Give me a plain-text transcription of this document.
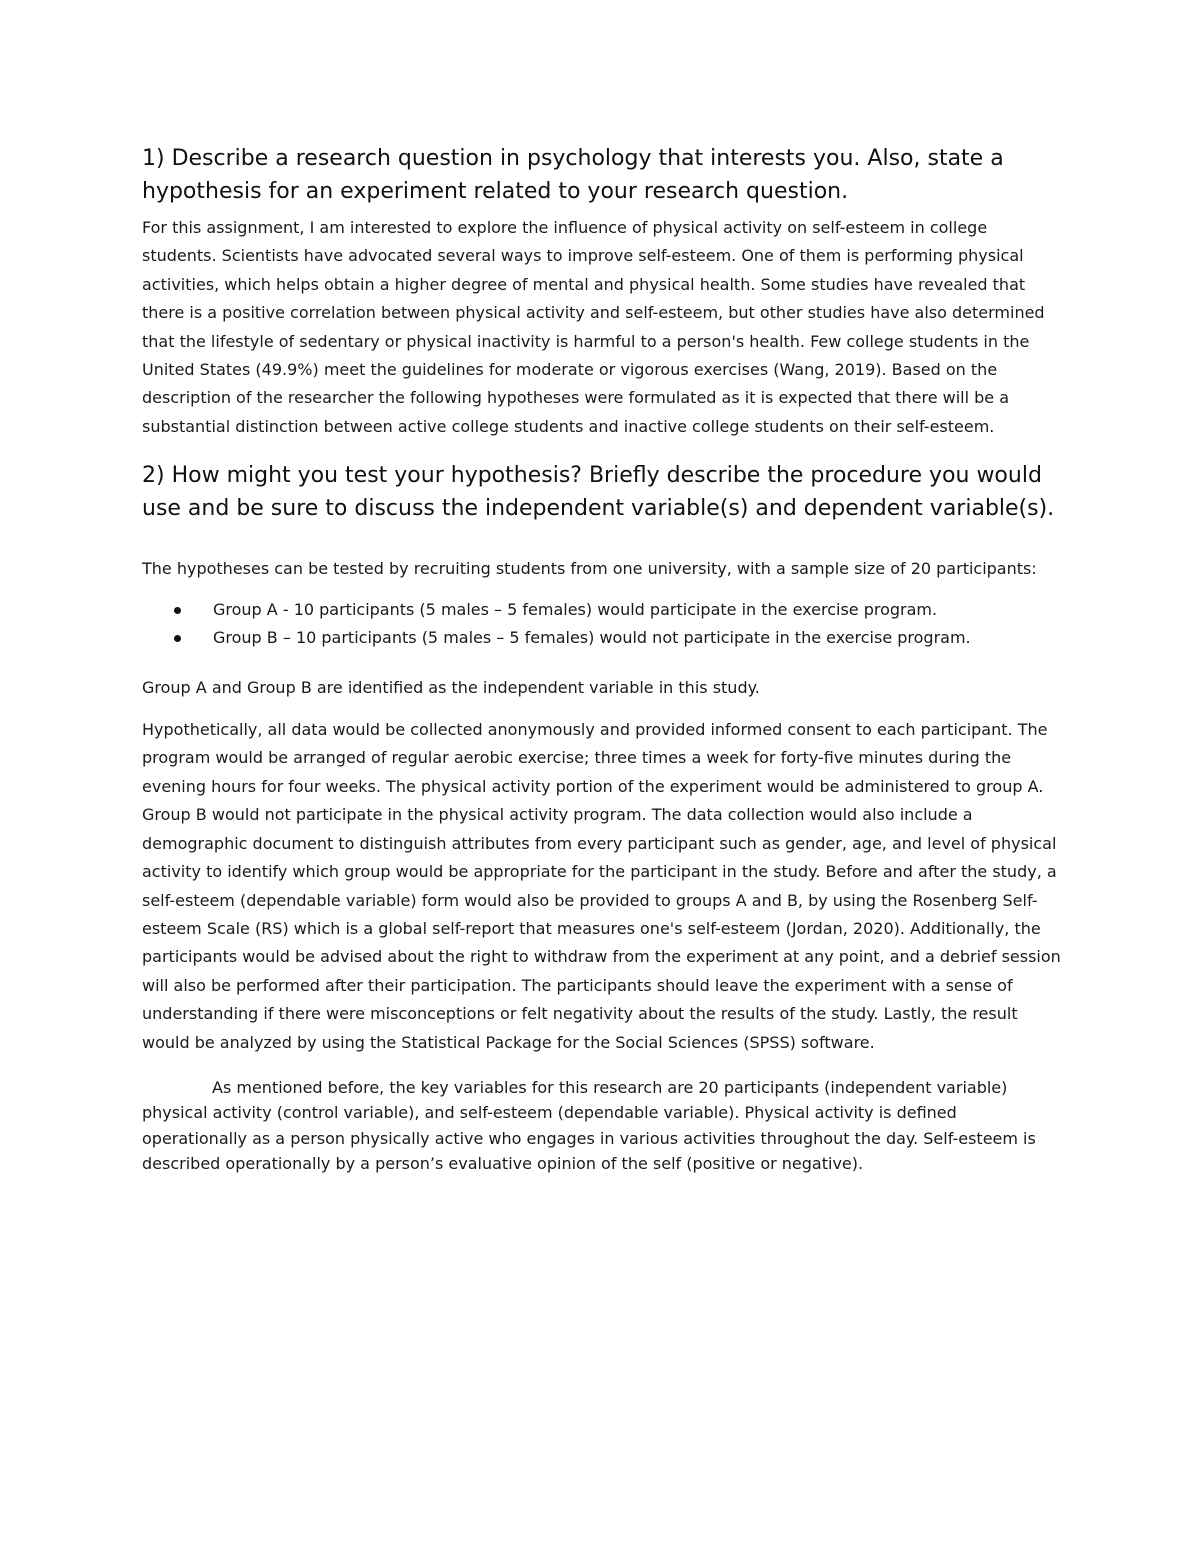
1) Describe a research question in psychology that interests you. Also, state a hypothesis for an experiment related to your research question.

For this assignment, I am interested to explore the influence of physical activity on self-esteem in college students. Scientists have advocated several ways to improve self-esteem. One of them is performing physical activities, which helps obtain a higher degree of mental and physical health. Some studies have revealed that there is a positive correlation between physical activity and self-esteem, but other studies have also determined that the lifestyle of sedentary or physical inactivity is harmful to a person's health. Few college students in the United States (49.9%) meet the guidelines for moderate or vigorous exercises (Wang, 2019). Based on the description of the researcher the following hypotheses were formulated as it is expected that there will be a substantial distinction between active college students and inactive college students on their self-esteem.

2) How might you test your hypothesis? Briefly describe the procedure you would use and be sure to discuss the independent variable(s) and dependent variable(s).

The hypotheses can be tested by recruiting students from one university, with a sample size of 20 participants:

Group A - 10 participants (5 males – 5 females) would participate in the exercise program.
Group B – 10 participants (5 males – 5 females) would not participate in the exercise program.

Group A and Group B are identified as the independent variable in this study.

Hypothetically, all data would be collected anonymously and provided informed consent to each participant. The program would be arranged of regular aerobic exercise; three times a week for forty-five minutes during the evening hours for four weeks. The physical activity portion of the experiment would be administered to group A. Group B would not participate in the physical activity program. The data collection would also include a demographic document to distinguish attributes from every participant such as gender, age, and level of physical activity to identify which group would be appropriate for the participant in the study. Before and after the study, a self-esteem (dependable variable) form would also be provided to groups A and B, by using the Rosenberg Self-esteem Scale (RS) which is a global self-report that measures one's self-esteem (Jordan, 2020). Additionally, the participants would be advised about the right to withdraw from the experiment at any point, and a debrief session will also be performed after their participation. The participants should leave the experiment with a sense of understanding if there were misconceptions or felt negativity about the results of the study. Lastly, the result would be analyzed by using the Statistical Package for the Social Sciences (SPSS) software.

As mentioned before, the key variables for this research are 20 participants (independent variable) physical activity (control variable), and self-esteem (dependable variable). Physical activity is defined operationally as a person physically active who engages in various activities throughout the day. Self-esteem is described operationally by a person’s evaluative opinion of the self (positive or negative).
